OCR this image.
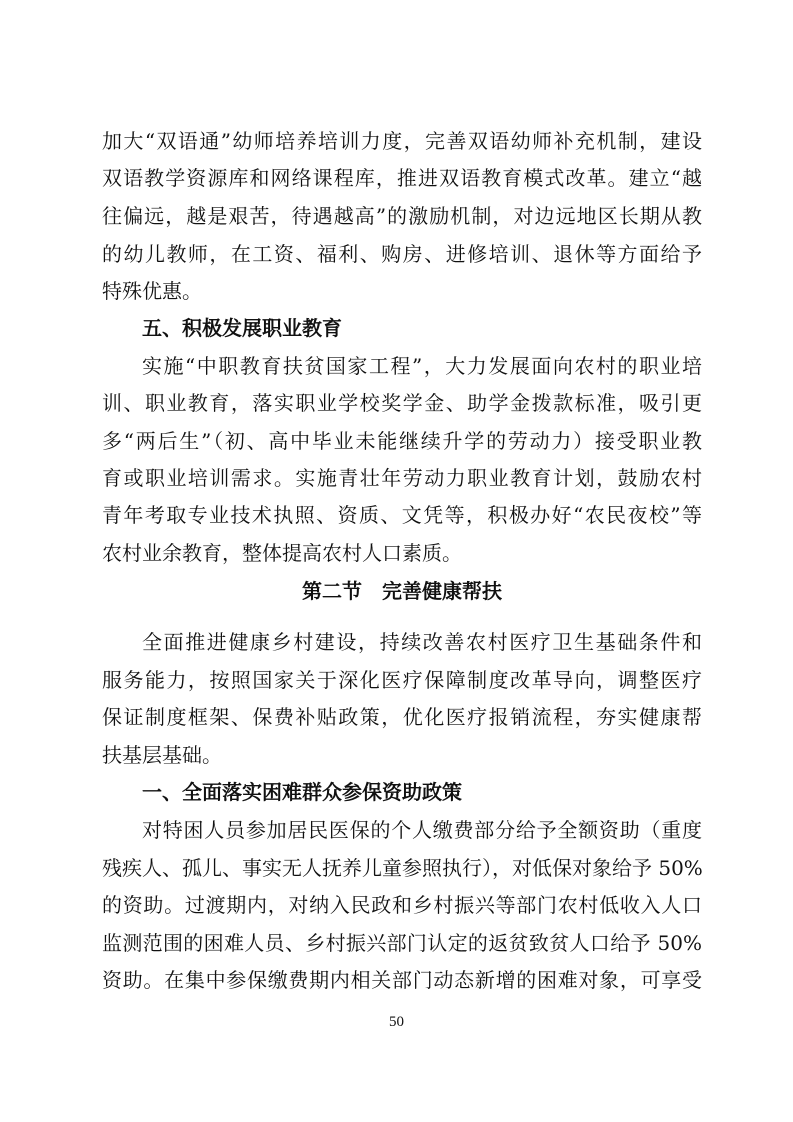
加大“双语通”幼师培养培训力度，完善双语幼师补充机制，建设

双语教学资源库和网络课程库，推进双语教育模式改革。建立“越

往偏远，越是艰苦，待遇越高”的激励机制，对边远地区长期从教

的幼儿教师，在工资、福利、购房、进修培训、退休等方面给予

特殊优惠。

五、积极发展职业教育

实施“中职教育扶贫国家工程”，大力发展面向农村的职业培

训、职业教育，落实职业学校奖学金、助学金拨款标准，吸引更

多“两后生”（初、高中毕业未能继续升学的劳动力）接受职业教

育或职业培训需求。实施青壮年劳动力职业教育计划，鼓励农村

青年考取专业技术执照、资质、文凭等，积极办好“农民夜校”等

农村业余教育，整体提高农村人口素质。

第二节　完善健康帮扶

全面推进健康乡村建设，持续改善农村医疗卫生基础条件和

服务能力，按照国家关于深化医疗保障制度改革导向，调整医疗

保证制度框架、保费补贴政策，优化医疗报销流程，夯实健康帮

扶基层基础。

一、全面落实困难群众参保资助政策

对特困人员参加居民医保的个人缴费部分给予全额资助（重度

残疾人、孤儿、事实无人抚养儿童参照执行），对低保对象给予 50%

的资助。过渡期内，对纳入民政和乡村振兴等部门农村低收入人口

监测范围的困难人员、乡村振兴部门认定的返贫致贫人口给予 50%

资助。在集中参保缴费期内相关部门动态新增的困难对象，可享受

50
